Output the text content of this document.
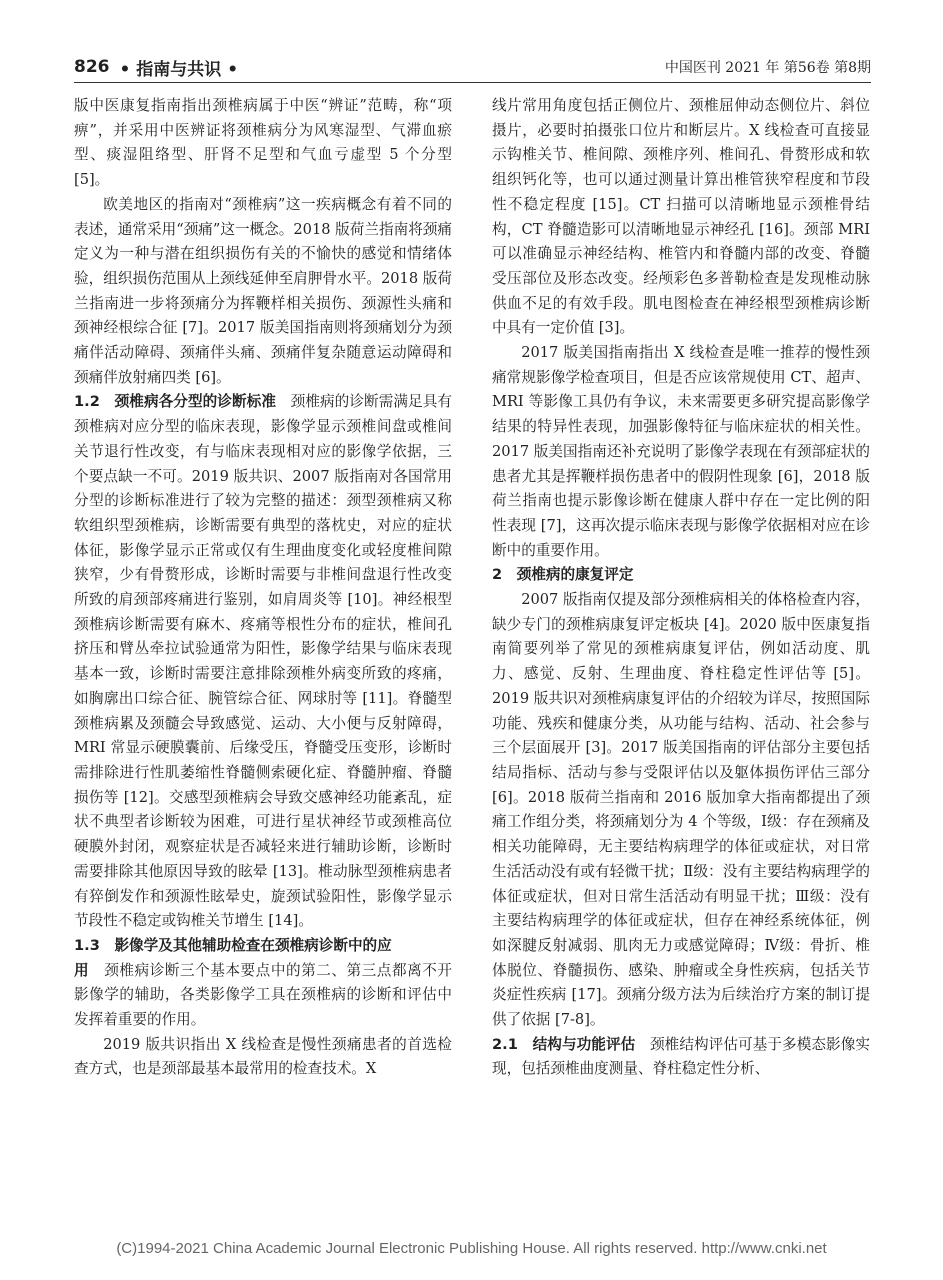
826 • 指南与共识 •	中国医刊 2021 年 第56卷 第8期

版中医康复指南指出颈椎病属于中医“辨证”范畴，称“项痹”，并采用中医辨证将颈椎病分为风寒湿型、气滞血瘀型、痰湿阻络型、肝肾不足型和气血亏虚型 5 个分型 [5]。

欧美地区的指南对“颈椎病”这一疾病概念有着不同的表述，通常采用“颈痛”这一概念。2018 版荷兰指南将颈痛定义为一种与潜在组织损伤有关的不愉快的感觉和情绪体验，组织损伤范围从上颈线延伸至肩胛骨水平。2018 版荷兰指南进一步将颈痛分为挥鞭样相关损伤、颈源性头痛和颈神经根综合征 [7]。2017 版美国指南则将颈痛划分为颈痛伴活动障碍、颈痛伴头痛、颈痛伴复杂随意运动障碍和颈痛伴放射痛四类 [6]。

1.2　颈椎病各分型的诊断标准　 颈椎病的诊断需满足具有颈椎病对应分型的临床表现，影像学显示颈椎间盘或椎间关节退行性改变，有与临床表现相对应的影像学依据，三个要点缺一不可。2019 版共识、2007 版指南对各国常用分型的诊断标准进行了较为完整的描述：颈型颈椎病又称软组织型颈椎病，诊断需要有典型的落枕史，对应的症状体征，影像学显示正常或仅有生理曲度变化或轻度椎间隙狭窄，少有骨赘形成，诊断时需要与非椎间盘退行性改变所致的肩颈部疼痛进行鉴别，如肩周炎等 [10]。神经根型颈椎病诊断需要有麻木、疼痛等根性分布的症状，椎间孔挤压和臂丛牵拉试验通常为阳性，影像学结果与临床表现基本一致，诊断时需要注意排除颈椎外病变所致的疼痛，如胸廓出口综合征、腕管综合征、网球肘等 [11]。脊髓型颈椎病累及颈髓会导致感觉、运动、大小便与反射障碍，MRI 常显示硬膜囊前、后缘受压，脊髓受压变形，诊断时需排除进行性肌萎缩性脊髓侧索硬化症、脊髓肿瘤、脊髓损伤等 [12]。交感型颈椎病会导致交感神经功能紊乱，症状不典型者诊断较为困难，可进行星状神经节或颈椎高位硬膜外封闭，观察症状是否减轻来进行辅助诊断，诊断时需要排除其他原因导致的眩晕 [13]。椎动脉型颈椎病患者有猝倒发作和颈源性眩晕史，旋颈试验阳性，影像学显示节段性不稳定或钩椎关节增生 [14]。

1.3　影像学及其他辅助检查在颈椎病诊断中的应

用　 颈椎病诊断三个基本要点中的第二、第三点都离不开影像学的辅助，各类影像学工具在颈椎病的诊断和评估中发挥着重要的作用。

2019 版共识指出 X 线检查是慢性颈痛患者的首选检查方式，也是颈部最基本最常用的检查技术。X

线片常用角度包括正侧位片、颈椎屈伸动态侧位片、斜位摄片，必要时拍摄张口位片和断层片。X 线检查可直接显示钩椎关节、椎间隙、颈椎序列、椎间孔、骨赘形成和软组织钙化等，也可以通过测量计算出椎管狭窄程度和节段性不稳定程度 [15]。CT 扫描可以清晰地显示颈椎骨结构，CT 脊髓造影可以清晰地显示神经孔 [16]。颈部 MRI 可以准确显示神经结构、椎管内和脊髓内部的改变、脊髓受压部位及形态改变。经颅彩色多普勒检查是发现椎动脉供血不足的有效手段。肌电图检查在神经根型颈椎病诊断中具有一定价值 [3]。

2017 版美国指南指出 X 线检查是唯一推荐的慢性颈痛常规影像学检查项目，但是否应该常规使用 CT、超声、MRI 等影像工具仍有争议，未来需要更多研究提高影像学结果的特异性表现，加强影像特征与临床症状的相关性。2017 版美国指南还补充说明了影像学表现在有颈部症状的患者尤其是挥鞭样损伤患者中的假阴性现象 [6]，2018 版荷兰指南也提示影像诊断在健康人群中存在一定比例的阳性表现 [7]，这再次提示临床表现与影像学依据相对应在诊断中的重要作用。

2　颈椎病的康复评定

2007 版指南仅提及部分颈椎病相关的体格检查内容，缺少专门的颈椎病康复评定板块 [4]。2020 版中医康复指南简要列举了常见的颈椎病康复评估，例如活动度、肌力、感觉、反射、生理曲度、脊柱稳定性评估等 [5]。2019 版共识对颈椎病康复评估的介绍较为详尽，按照国际功能、残疾和健康分类，从功能与结构、活动、社会参与三个层面展开 [3]。2017 版美国指南的评估部分主要包括结局指标、活动与参与受限评估以及躯体损伤评估三部分 [6]。2018 版荷兰指南和 2016 版加拿大指南都提出了颈痛工作组分类，将颈痛划分为 4 个等级，Ⅰ级：存在颈痛及相关功能障碍，无主要结构病理学的体征或症状，对日常生活活动没有或有轻微干扰；Ⅱ级：没有主要结构病理学的体征或症状，但对日常生活活动有明显干扰；Ⅲ级：没有主要结构病理学的体征或症状，但存在神经系统体征，例如深腱反射减弱、肌肉无力或感觉障碍；Ⅳ级：骨折、椎体脱位、脊髓损伤、感染、肿瘤或全身性疾病，包括关节炎症性疾病 [17]。颈痛分级方法为后续治疗方案的制订提供了依据 [7-8]。

2.1　结构与功能评估　 颈椎结构评估可基于多模态影像实现，包括颈椎曲度测量、脊柱稳定性分析、

(C)1994-2021 China Academic Journal Electronic Publishing House. All rights reserved. http://www.cnki.net
